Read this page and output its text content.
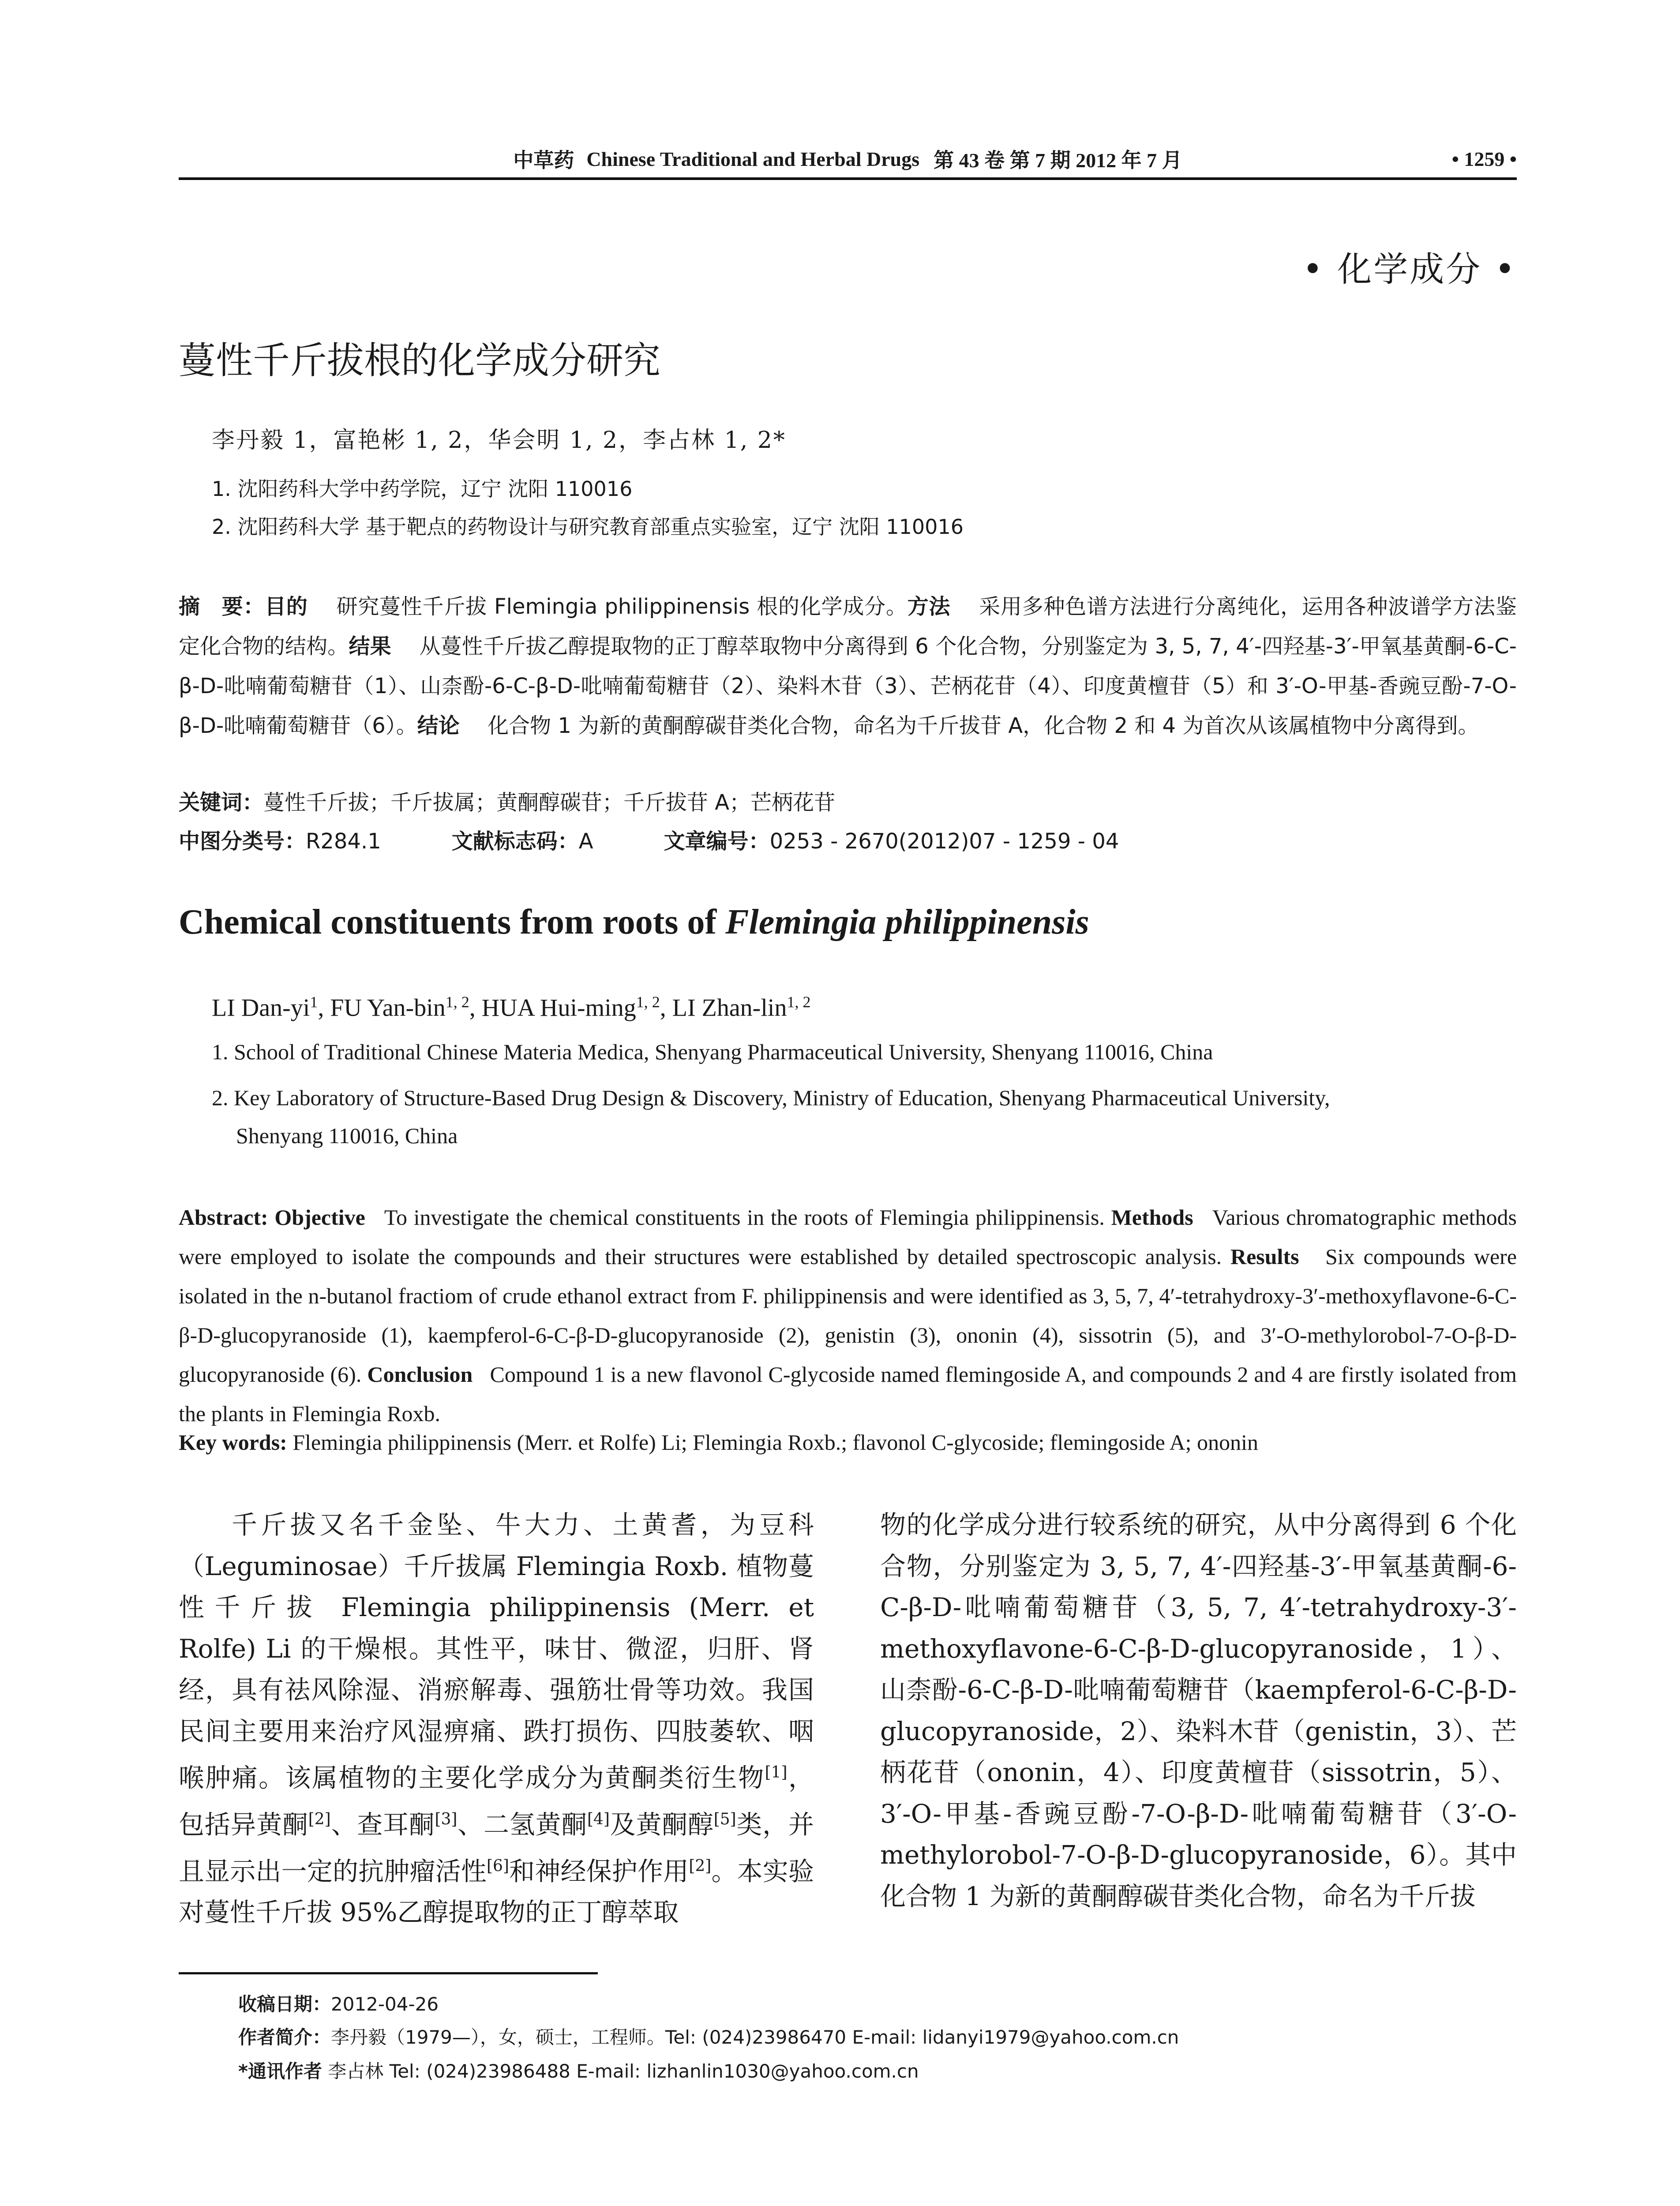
中草药 Chinese Traditional and Herbal Drugs 第 43 卷 第 7 期 2012 年 7 月	• 1259 •
• 化学成分 •
蔓性千斤拔根的化学成分研究
李丹毅 1，富艳彬 1, 2，华会明 1, 2，李占林 1, 2*
1. 沈阳药科大学中药学院，辽宁 沈阳 110016
2. 沈阳药科大学 基于靶点的药物设计与研究教育部重点实验室，辽宁 沈阳 110016
摘　要：目的　 研究蔓性千斤拔 Flemingia philippinensis 根的化学成分。方法　 采用多种色谱方法进行分离纯化，运用各种波谱学方法鉴定化合物的结构。结果　 从蔓性千斤拔乙醇提取物的正丁醇萃取物中分离得到 6 个化合物，分别鉴定为 3, 5, 7, 4′-四羟基-3′-甲氧基黄酮-6-C-β-D-吡喃葡萄糖苷（1）、山柰酚-6-C-β-D-吡喃葡萄糖苷（2）、染料木苷（3）、芒柄花苷（4）、印度黄檀苷（5）和 3′-O-甲基-香豌豆酚-7-O-β-D-吡喃葡萄糖苷（6）。结论　 化合物 1 为新的黄酮醇碳苷类化合物，命名为千斤拔苷 A，化合物 2 和 4 为首次从该属植物中分离得到。
关键词：蔓性千斤拔；千斤拔属；黄酮醇碳苷；千斤拔苷 A；芒柄花苷
中图分类号：R284.1	文献标志码：A	文章编号：0253 - 2670(2012)07 - 1259 - 04
Chemical constituents from roots of Flemingia philippinensis
LI Dan-$yi^1$, FU Yan-bin$^{1, 2}$, HUA Hui-ming$^{1, 2}$, LI Zhan-lin$^{1, 2}$
1. School of Traditional Chinese Materia Medica, Shenyang Pharmaceutical University, Shenyang 110016, China
2. Key Laboratory of Structure-Based Drug Design & Discovery, Ministry of Education, Shenyang Pharmaceutical University,
Shenyang 110016, China
Abstract: Objective To investigate the chemical constituents in the roots of Flemingia philippinensis. Methods Various chromatographic methods were employed to isolate the compounds and their structures were established by detailed spectroscopic analysis. Results Six compounds were isolated in the n-butanol fractiom of crude ethanol extract from F. philippinensis and were identified as 3, 5, 7, 4′-tetrahydroxy-3′-methoxyflavone-6-C-β-D-glucopyranoside (1), kaempferol-6-C-β-D-glucopyranoside (2), genistin (3), ononin (4), sissotrin (5), and 3′-O-methylorobol-7-O-β-D-glucopyranoside (6). Conclusion Compound 1 is a new flavonol C-glycoside named flemingoside A, and compounds 2 and 4 are firstly isolated from the plants in Flemingia Roxb.
Key words: Flemingia philippinensis (Merr. et Rolfe) Li; Flemingia Roxb.; flavonol C-glycoside; flemingoside A; ononin
千斤拔又名千金坠、牛大力、土黄耆，为豆科（Leguminosae）千斤拔属 Flemingia Roxb. 植物蔓性千斤拔 Flemingia philippinensis (Merr. et Rolfe) Li 的干燥根。其性平，味甘、微涩，归肝、肾经，具有祛风除湿、消瘀解毒、强筋壮骨等功效。我国民间主要用来治疗风湿痹痛、跌打损伤、四肢萎软、咽喉肿痛。该属植物的主要化学成分为黄酮类衍生物[1]，包括异黄酮[2]、查耳酮[3]、二氢黄酮[4]及黄酮醇[5]类，并且显示出一定的抗肿瘤活性[6]和神经保护作用[2]。本实验对蔓性千斤拔 95%乙醇提取物的正丁醇萃取
物的化学成分进行较系统的研究，从中分离得到 6 个化合物，分别鉴定为 3, 5, 7, 4′-四羟基-3′-甲氧基黄酮-6-C-β-D-吡喃葡萄糖苷（3, 5, 7, 4′-tetrahydroxy-3′-methoxyflavone-6-C-β-D-glucopyranoside，1）、山柰酚-6-C-β-D-吡喃葡萄糖苷（kaempferol-6-C-β-D-glucopyranoside，2）、染料木苷（genistin，3）、芒柄花苷（ononin，4）、印度黄檀苷（sissotrin，5）、3′-O-甲基-香豌豆酚-7-O-β-D-吡喃葡萄糖苷（3′-O-methylorobol-7-O-β-D-glucopyranoside，6）。其中化合物 1 为新的黄酮醇碳苷类化合物，命名为千斤拔
收稿日期：2012-04-26
作者简介：李丹毅（1979—），女，硕士，工程师。Tel: (024)23986470 E-mail: lidanyi1979@yahoo.com.cn
*通讯作者 李占林 Tel: (024)23986488 E-mail: lizhanlin1030@yahoo.com.cn
